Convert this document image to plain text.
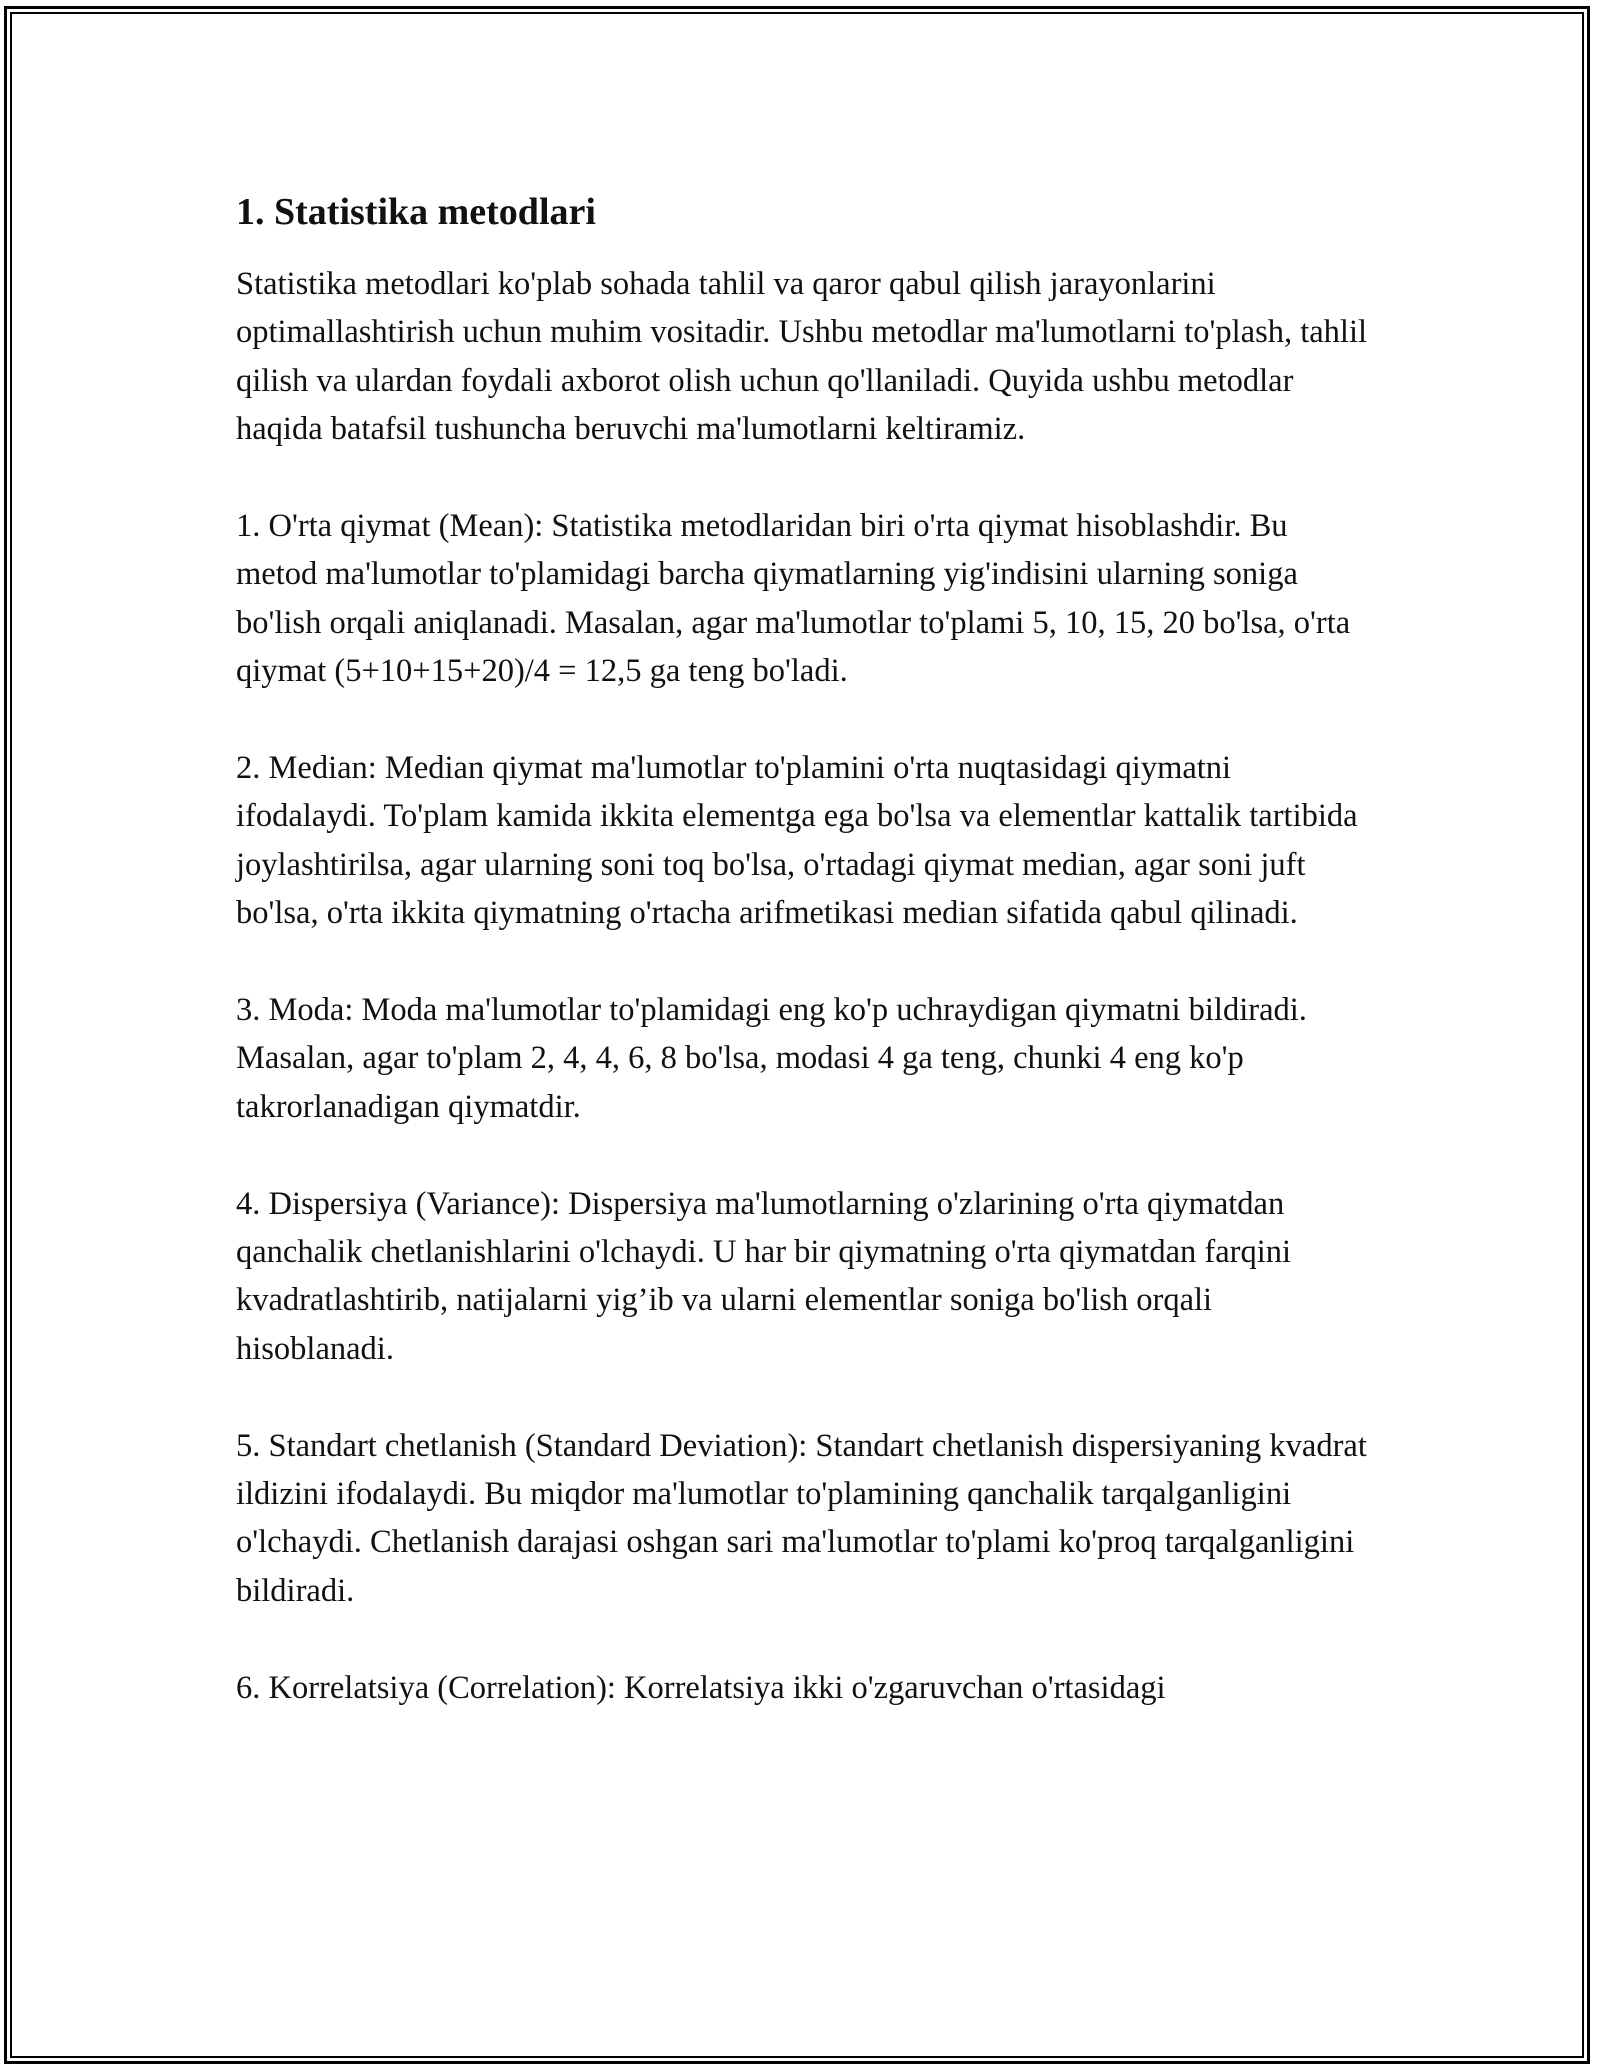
1. Statistika metodlari

Statistika metodlari ko'plab sohada tahlil va qaror qabul qilish jarayonlarini optimallashtirish uchun muhim vositadir. Ushbu metodlar ma'lumotlarni to'plash, tahlil qilish va ulardan foydali axborot olish uchun qo'llaniladi. Quyida ushbu metodlar haqida batafsil tushuncha beruvchi ma'lumotlarni keltiramiz.

1. O'rta qiymat (Mean): Statistika metodlaridan biri o'rta qiymat hisoblashdir. Bu metod ma'lumotlar to'plamidagi barcha qiymatlarning yig'indisini ularning soniga bo'lish orqali aniqlanadi. Masalan, agar ma'lumotlar to'plami 5, 10, 15, 20 bo'lsa, o'rta qiymat (5+10+15+20)/4 = 12,5 ga teng bo'ladi.

2. Median: Median qiymat ma'lumotlar to'plamini o'rta nuqtasidagi qiymatni ifodalaydi. To'plam kamida ikkita elementga ega bo'lsa va elementlar kattalik tartibida joylashtirilsa, agar ularning soni toq bo'lsa, o'rtadagi qiymat median, agar soni juft bo'lsa, o'rta ikkita qiymatning o'rtacha arifmetikasi median sifatida qabul qilinadi.

3. Moda: Moda ma'lumotlar to'plamidagi eng ko'p uchraydigan qiymatni bildiradi. Masalan, agar to'plam 2, 4, 4, 6, 8 bo'lsa, modasi 4 ga teng, chunki 4 eng ko'p takrorlanadigan qiymatdir.

4. Dispersiya (Variance): Dispersiya ma'lumotlarning o'zlarining o'rta qiymatdan qanchalik chetlanishlarini o'lchaydi. U har bir qiymatning o'rta qiymatdan farqini kvadratlashtirib, natijalarni yig’ib va ularni elementlar soniga bo'lish orqali hisoblanadi.

5. Standart chetlanish (Standard Deviation): Standart chetlanish dispersiyaning kvadrat ildizini ifodalaydi. Bu miqdor ma'lumotlar to'plamining qanchalik tarqalganligini o'lchaydi. Chetlanish darajasi oshgan sari ma'lumotlar to'plami ko'proq tarqalganligini bildiradi.

6. Korrelatsiya (Correlation): Korrelatsiya ikki o'zgaruvchan o'rtasidagi
